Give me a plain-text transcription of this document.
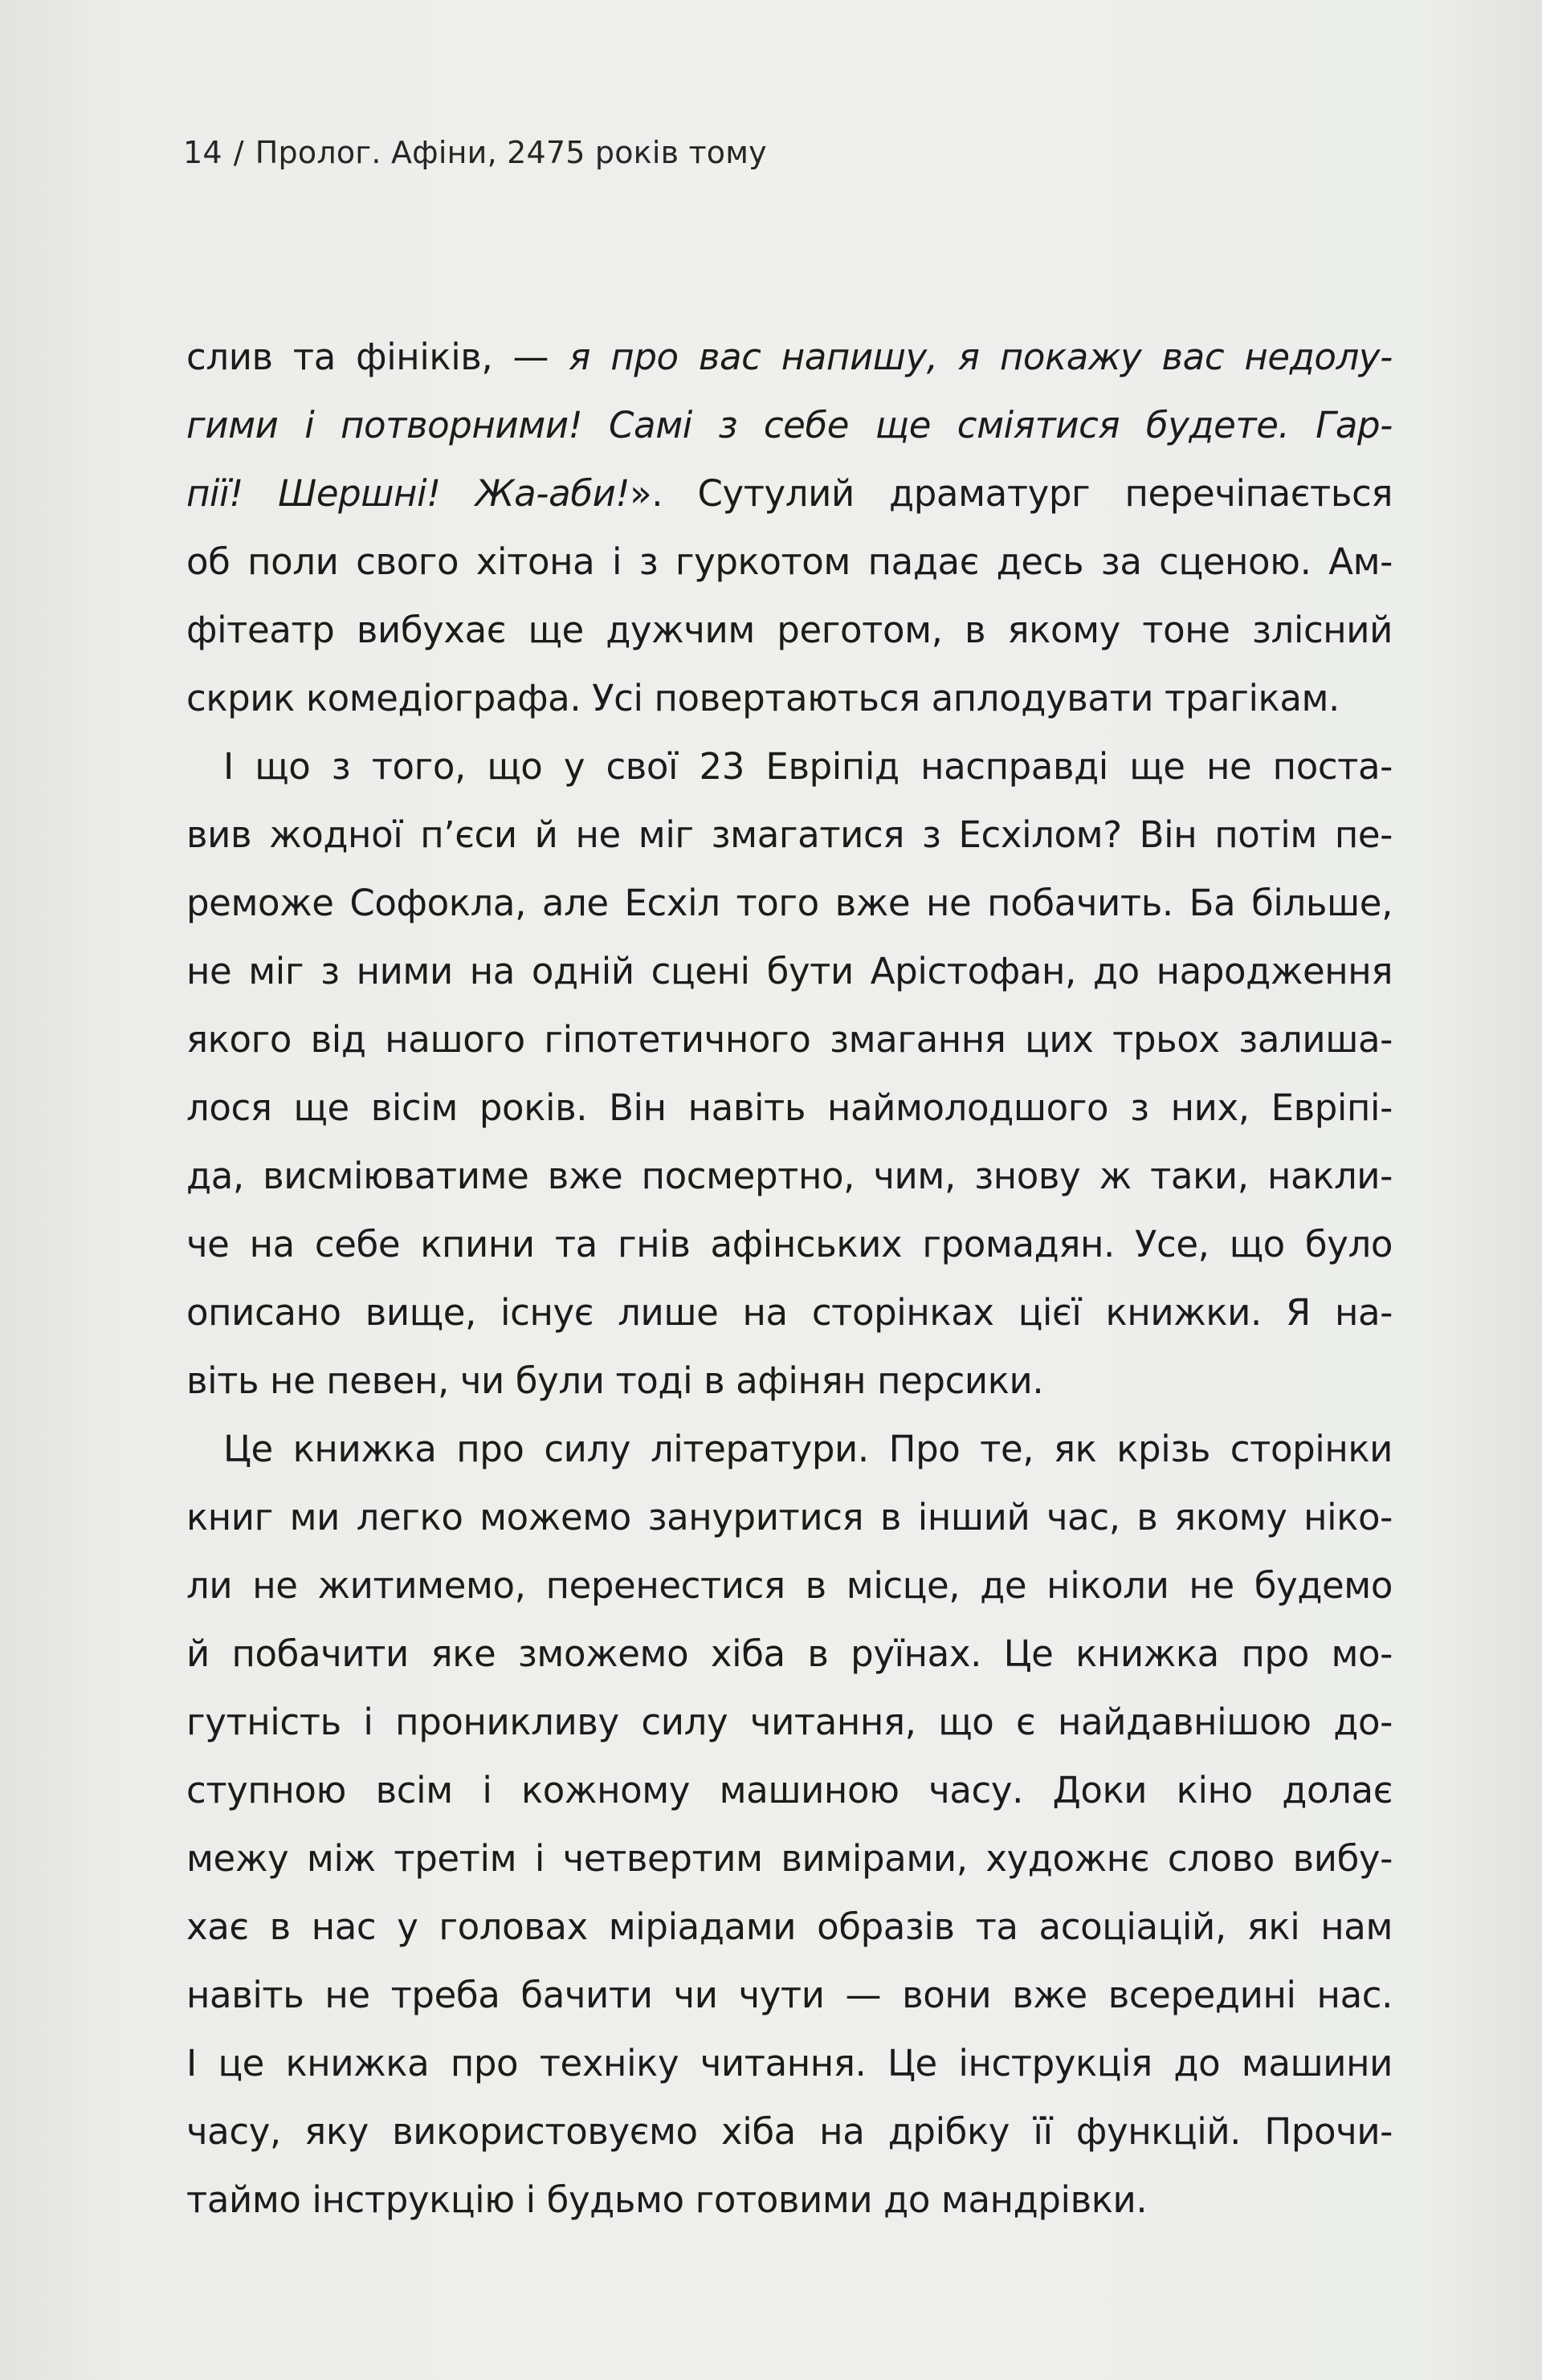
14 / Пролог. Афіни, 2475 років тому
слив та фініків, — я про вас напишу, я покажу вас недолу-
гими і потворними! Самі з себе ще сміятися будете. Гар-
пії! Шершні! Жа-аби!». Сутулий драматург перечіпається
об поли свого хітона і з гуркотом падає десь за сценою. Ам-
фітеатр вибухає ще дужчим реготом, в якому тоне злісний
скрик комедіографа. Усі повертаються аплодувати трагікам.
І що з того, що у свої 23 Евріпід насправді ще не поста-
вив жодної п’єси й не міг змагатися з Есхілом? Він потім пе-
реможе Софокла, але Есхіл того вже не побачить. Ба більше,
не міг з ними на одній сцені бути Арістофан, до народження
якого від нашого гіпотетичного змагання цих трьох залиша-
лося ще вісім років. Він навіть наймолодшого з них, Евріпі-
да, висміюватиме вже посмертно, чим, знову ж таки, накли-
че на себе кпини та гнів афінських громадян. Усе, що було
описано вище, існує лише на сторінках цієї книжки. Я на-
віть не певен, чи були тоді в афінян персики.
Це книжка про силу літератури. Про те, як крізь сторінки
книг ми легко можемо зануритися в інший час, в якому ніко-
ли не житимемо, перенестися в місце, де ніколи не будемо
й побачити яке зможемо хіба в руїнах. Це книжка про мо-
гутність і проникливу силу читання, що є найдавнішою до-
ступною всім і кожному машиною часу. Доки кіно долає
межу між третім і четвертим вимірами, художнє слово вибу-
хає в нас у головах міріадами образів та асоціацій, які нам
навіть не треба бачити чи чути — вони вже всередині нас.
І це книжка про техніку читання. Це інструкція до машини
часу, яку використовуємо хіба на дрібку її функцій. Прочи-
таймо інструкцію і будьмо готовими до мандрівки.
